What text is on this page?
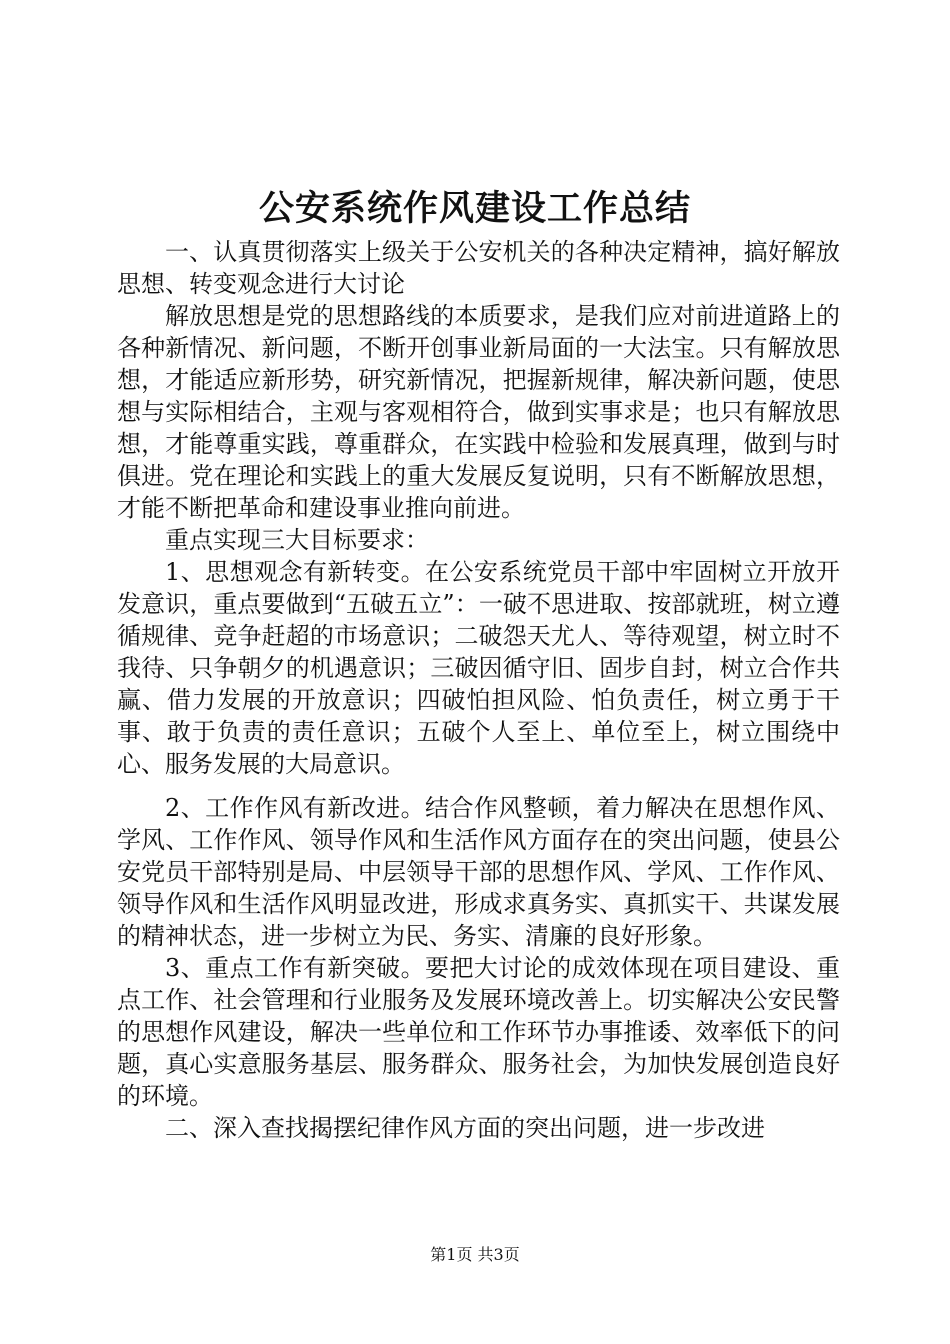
公安系统作风建设工作总结

一、认真贯彻落实上级关于公安机关的各种决定精神，搞好解放思想、转变观念进行大讨论

解放思想是党的思想路线的本质要求，是我们应对前进道路上的各种新情况、新问题，不断开创事业新局面的一大法宝。只有解放思想，才能适应新形势，研究新情况，把握新规律，解决新问题，使思想与实际相结合，主观与客观相符合，做到实事求是；也只有解放思想，才能尊重实践，尊重群众，在实践中检验和发展真理，做到与时俱进。党在理论和实践上的重大发展反复说明，只有不断解放思想，才能不断把革命和建设事业推向前进。

重点实现三大目标要求：

1、思想观念有新转变。在公安系统党员干部中牢固树立开放开发意识，重点要做到“五破五立”：一破不思进取、按部就班，树立遵循规律、竞争赶超的市场意识；二破怨天尤人、等待观望，树立时不我待、只争朝夕的机遇意识；三破因循守旧、固步自封，树立合作共赢、借力发展的开放意识；四破怕担风险、怕负责任，树立勇于干事、敢于负责的责任意识；五破个人至上、单位至上，树立围绕中心、服务发展的大局意识。

2、工作作风有新改进。结合作风整顿，着力解决在思想作风、学风、工作作风、领导作风和生活作风方面存在的突出问题，使县公安党员干部特别是局、中层领导干部的思想作风、学风、工作作风、领导作风和生活作风明显改进，形成求真务实、真抓实干、共谋发展的精神状态，进一步树立为民、务实、清廉的良好形象。

3、重点工作有新突破。要把大讨论的成效体现在项目建设、重点工作、社会管理和行业服务及发展环境改善上。切实解决公安民警的思想作风建设，解决一些单位和工作环节办事推诿、效率低下的问题，真心实意服务基层、服务群众、服务社会，为加快发展创造良好的环境。

二、深入查找揭摆纪律作风方面的突出问题，进一步改进

第1页 共3页
